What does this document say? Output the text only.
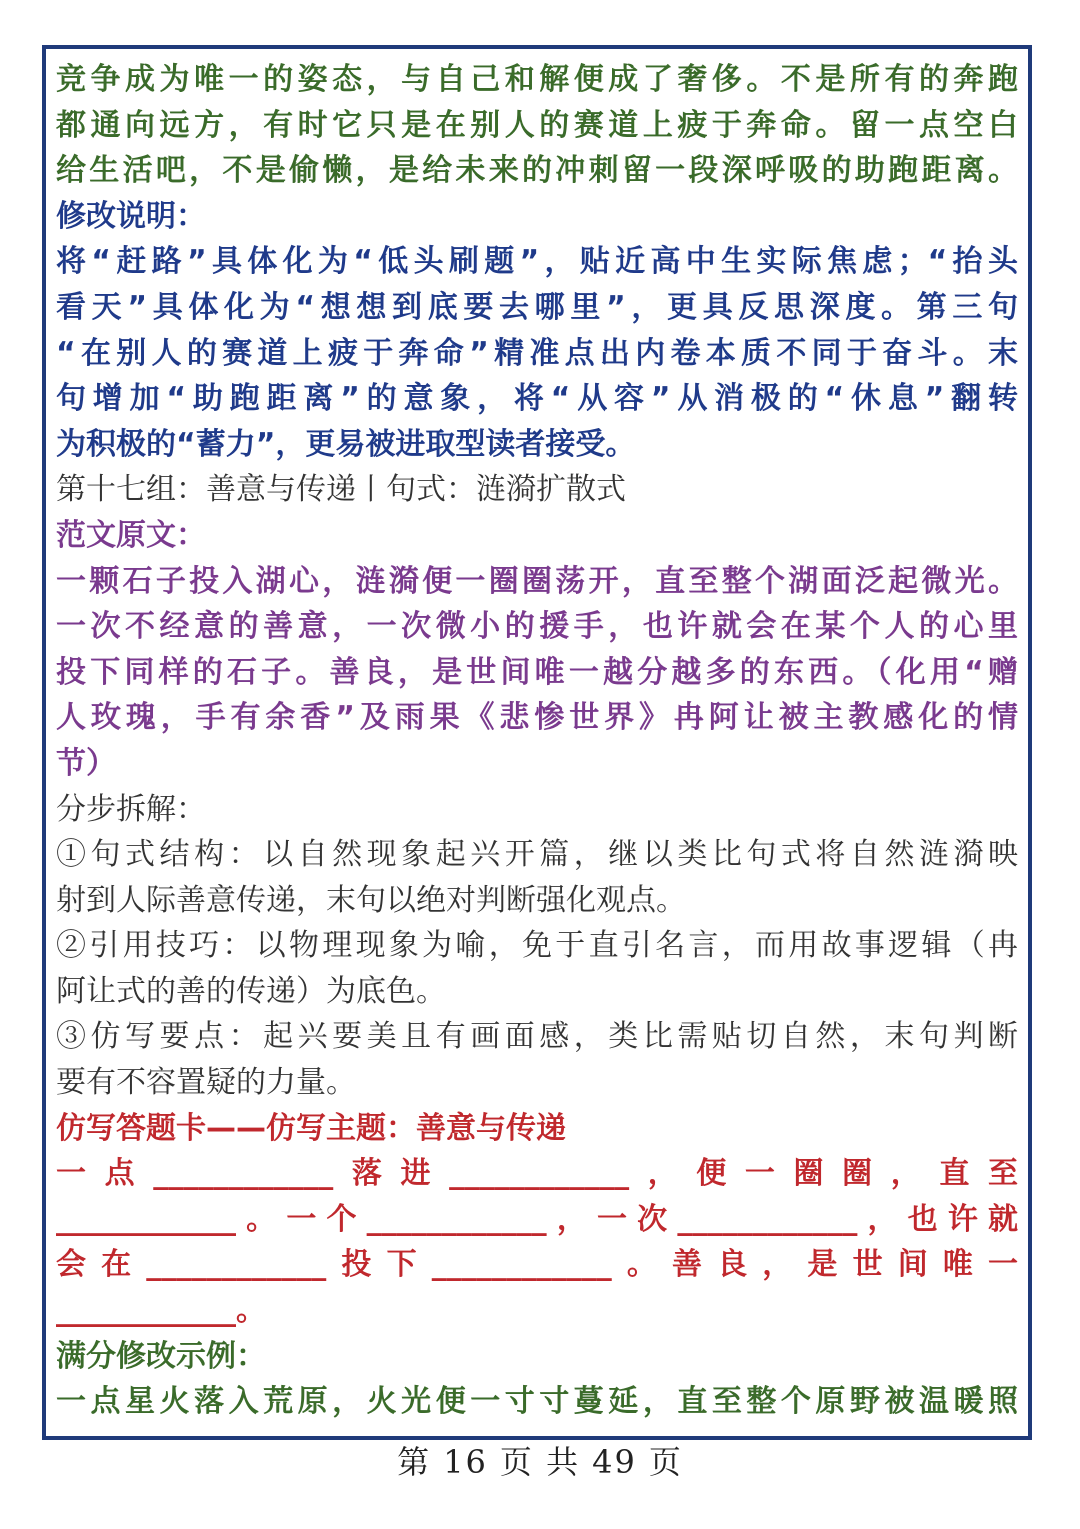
竞争成为唯一的姿态，与自己和解便成了奢侈。不是所有的奔跑
都通向远方，有时它只是在别人的赛道上疲于奔命。留一点空白
给生活吧，不是偷懒，是给未来的冲刺留一段深呼吸的助跑距离。
修改说明：
将“赶路”具体化为“低头刷题”，贴近高中生实际焦虑；“抬头
看天”具体化为“想想到底要去哪里”，更具反思深度。第三句
“在别人的赛道上疲于奔命”精准点出内卷本质不同于奋斗。末
句增加“助跑距离”的意象，将“从容”从消极的“休息”翻转
为积极的“蓄力”，更易被进取型读者接受。
第十七组：善意与传递丨句式：涟漪扩散式
范文原文：
一颗石子投入湖心，涟漪便一圈圈荡开，直至整个湖面泛起微光。
一次不经意的善意，一次微小的援手，也许就会在某个人的心里
投下同样的石子。善良，是世间唯一越分越多的东西。（化用“赠
人玫瑰，手有余香”及雨果《悲惨世界》冉阿让被主教感化的情
节）
分步拆解：
①句式结构：以自然现象起兴开篇，继以类比句式将自然涟漪映
射到人际善意传递，末句以绝对判断强化观点。
②引用技巧：以物理现象为喻，免于直引名言，而用故事逻辑（冉
阿让式的善的传递）为底色。
③仿写要点：起兴要美且有画面感，类比需贴切自然，末句判断
要有不容置疑的力量。
仿写答题卡——仿写主题：善意与传递
一点____________落进____________，便一圈圈，直至
____________。一个____________，一次____________，也许就
会在____________投下____________。善良，是世间唯一
____________。
满分修改示例：
一点星火落入荒原，火光便一寸寸蔓延，直至整个原野被温暖照
第 16 页 共 49 页
